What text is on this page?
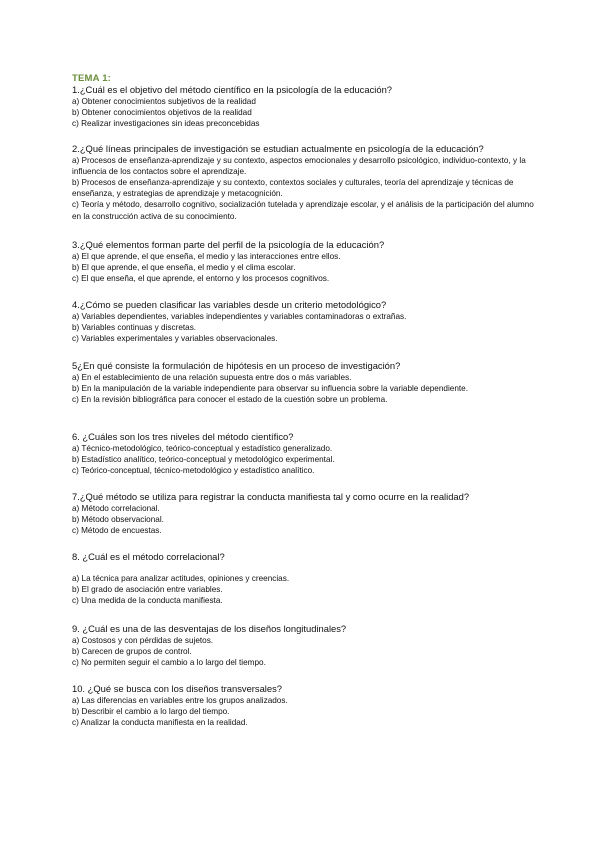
TEMA 1:
1.¿Cuál es el objetivo del método científico en la psicología de la educación?
a) Obtener conocimientos subjetivos de la realidad
b) Obtener conocimientos objetivos de la realidad
c) Realizar investigaciones sin ideas preconcebidas
2.¿Qué líneas principales de investigación se estudian actualmente en psicología de la educación?
a) Procesos de enseñanza-aprendizaje y su contexto, aspectos emocionales y desarrollo psicológico, individuo-contexto, y la influencia de los contactos sobre el aprendizaje.
b) Procesos de enseñanza-aprendizaje y su contexto, contextos sociales y culturales, teoría del aprendizaje y técnicas de enseñanza, y estrategias de aprendizaje y metacognición.
c) Teoría y método, desarrollo cognitivo, socialización tutelada y aprendizaje escolar, y el análisis de la participación del alumno en la construcción activa de su conocimiento.
3.¿Qué elementos forman parte del perfil de la psicología de la educación?
a) El que aprende, el que enseña, el medio y las interacciones entre ellos.
b) El que aprende, el que enseña, el medio y el clima escolar.
c) El que enseña, el que aprende, el entorno y los procesos cognitivos.
4.¿Cómo se pueden clasificar las variables desde un criterio metodológico?
a) Variables dependientes, variables independientes y variables contaminadoras o extrañas.
b) Variables continuas y discretas.
c) Variables experimentales y variables observacionales.
5¿En qué consiste la formulación de hipótesis en un proceso de investigación?
a) En el establecimiento de una relación supuesta entre dos o más variables.
b) En la manipulación de la variable independiente para observar su influencia sobre la variable dependiente.
c) En la revisión bibliográfica para conocer el estado de la cuestión sobre un problema.
6. ¿Cuáles son los tres niveles del método científico?
a) Técnico-metodológico, teórico-conceptual y estadístico generalizado.
b) Estadístico analítico, teórico-conceptual y metodológico experimental.
c) Teórico-conceptual, técnico-metodológico y estadístico analítico.
7.¿Qué método se utiliza para registrar la conducta manifiesta tal y como ocurre en la realidad?
a) Método correlacional.
b) Método observacional.
c) Método de encuestas.
8. ¿Cuál es el método correlacional?
a) La técnica para analizar actitudes, opiniones y creencias.
b) El grado de asociación entre variables.
c) Una medida de la conducta manifiesta.
9. ¿Cuál es una de las desventajas de los diseños longitudinales?
a) Costosos y con pérdidas de sujetos.
b) Carecen de grupos de control.
c) No permiten seguir el cambio a lo largo del tiempo.
10. ¿Qué se busca con los diseños transversales?
a) Las diferencias en variables entre los grupos analizados.
b) Describir el cambio a lo largo del tiempo.
c) Analizar la conducta manifiesta en la realidad.
